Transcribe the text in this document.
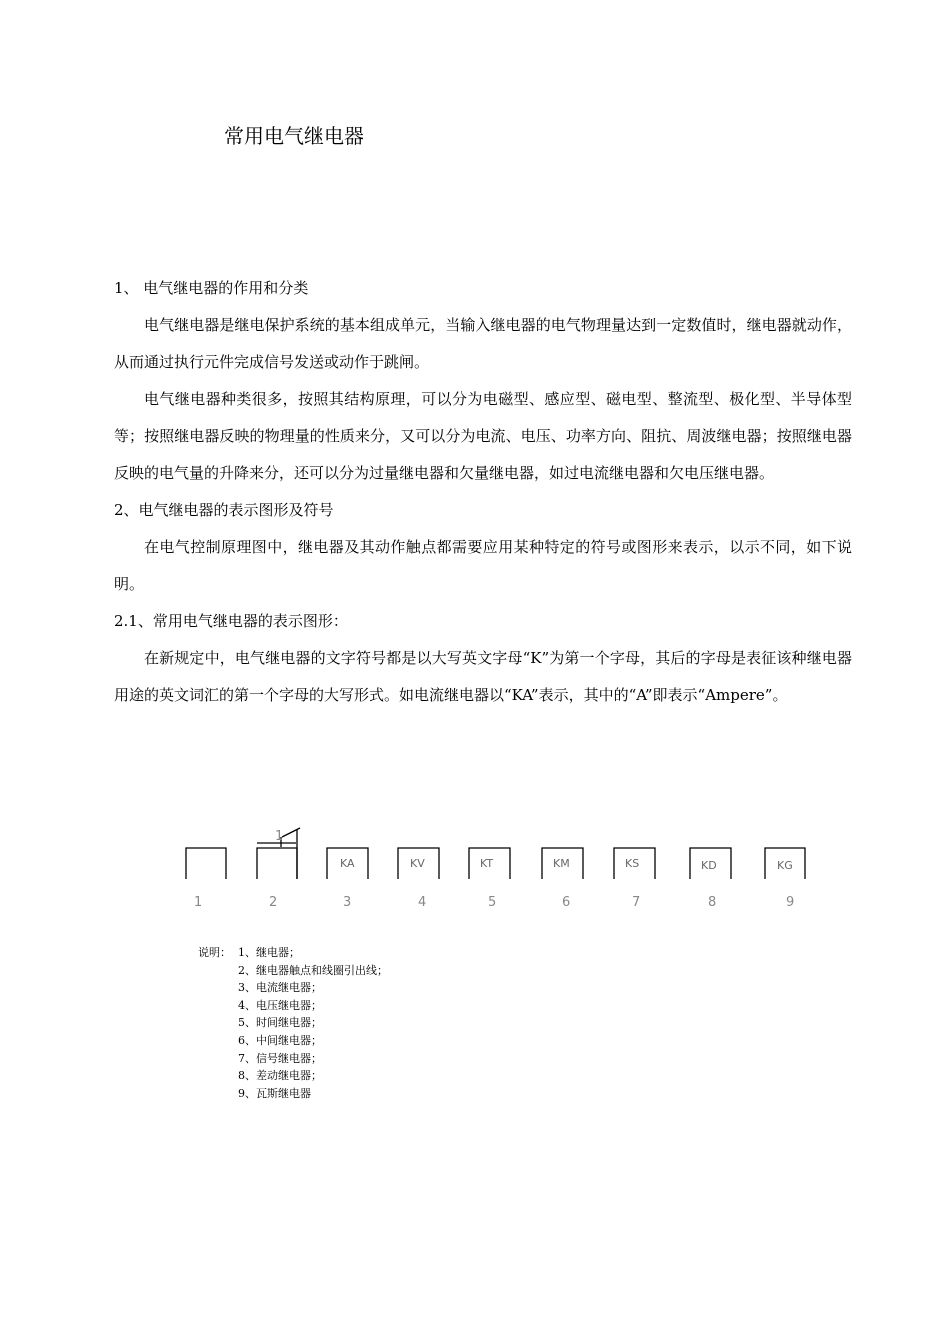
常用电气继电器

1、 电气继电器的作用和分类

电气继电器是继电保护系统的基本组成单元，当输入继电器的电气物理量达到一定数值时，继电器就动作，从而通过执行元件完成信号发送或动作于跳闸。

电气继电器种类很多，按照其结构原理，可以分为电磁型、感应型、磁电型、整流型、极化型、半导体型等；按照继电器反映的物理量的性质来分，又可以分为电流、电压、功率方向、阻抗、周波继电器；按照继电器反映的电气量的升降来分，还可以分为过量继电器和欠量继电器，如过电流继电器和欠电压继电器。

2、电气继电器的表示图形及符号

在电气控制原理图中，继电器及其动作触点都需要应用某种特定的符号或图形来表示，以示不同，如下说明。

2.1、常用电气继电器的表示图形：

在新规定中，电气继电器的文字符号都是以大写英文字母“K”为第一个字母，其后的字母是表征该种继电器用途的英文词汇的第一个字母的大写形式。如电流继电器以“KA”表示，其中的“A”即表示“Ampere”。

1
KA	KV	KT	KM	KS	KD	KG
1	2	3	4	5	6	7	8	9
说明： 1、继电器；
2、继电器触点和线圈引出线；
3、电流继电器；
4、电压继电器；
5、时间继电器；
6、中间继电器；
7、信号继电器；
8、差动继电器；
9、瓦斯继电器
